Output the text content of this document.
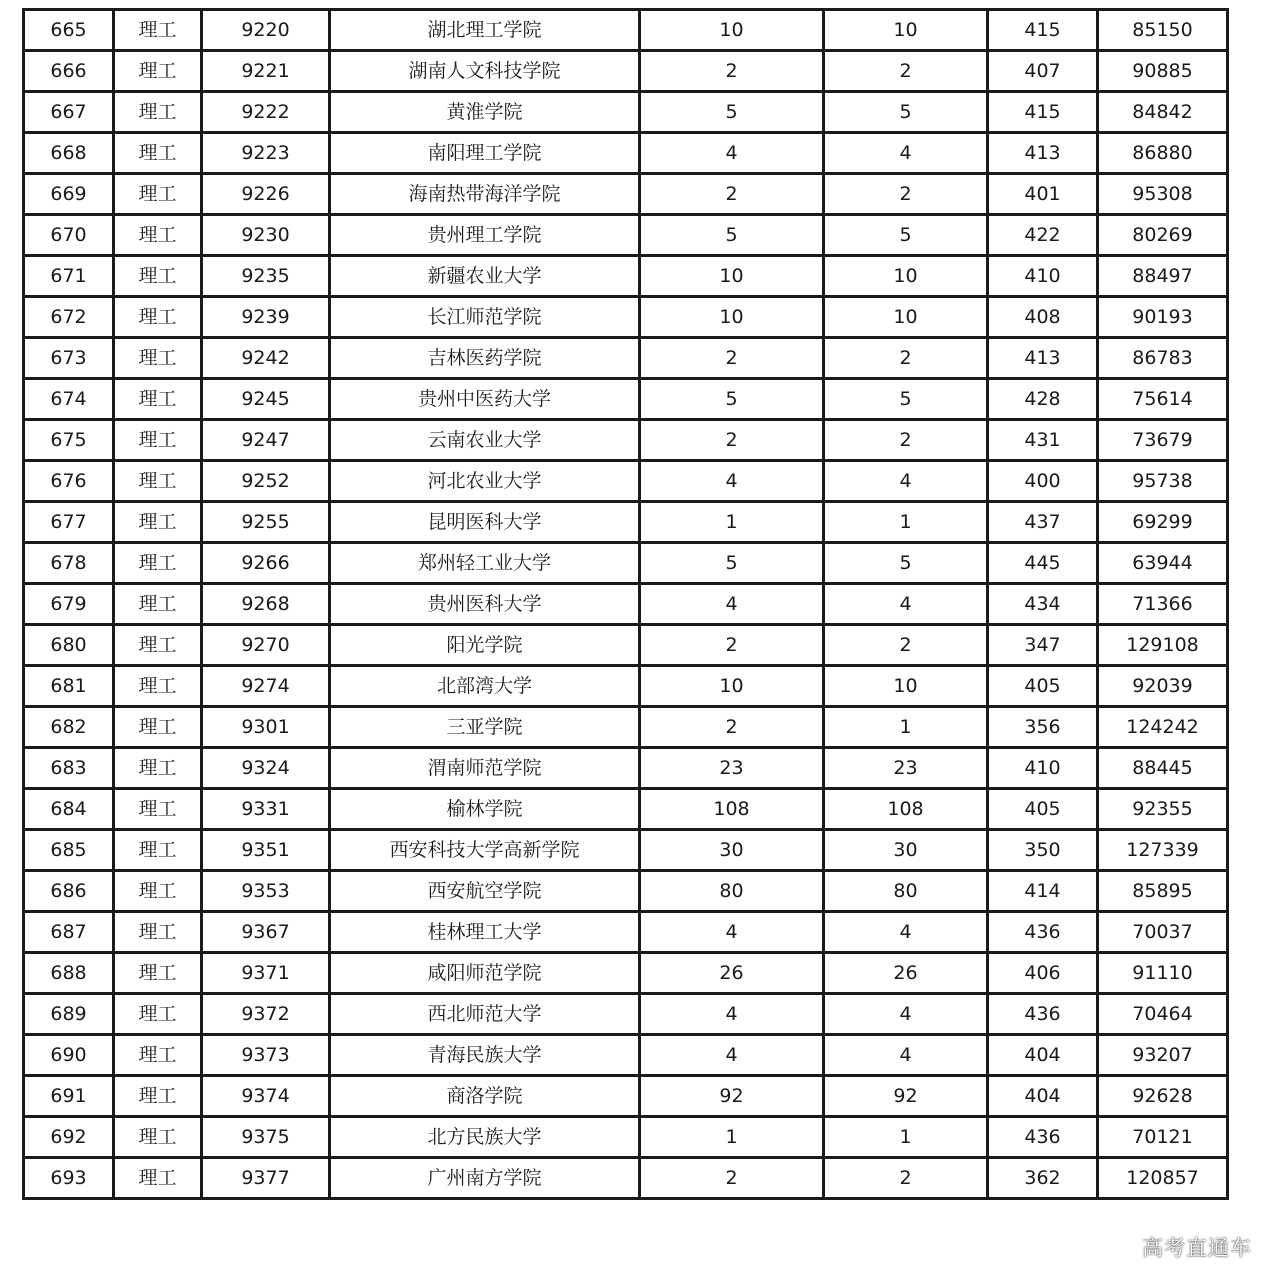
665	理工	9220	湖北理工学院	10	10	415	85150
666	理工	9221	湖南人文科技学院	2	2	407	90885
667	理工	9222	黄淮学院	5	5	415	84842
668	理工	9223	南阳理工学院	4	4	413	86880
669	理工	9226	海南热带海洋学院	2	2	401	95308
670	理工	9230	贵州理工学院	5	5	422	80269
671	理工	9235	新疆农业大学	10	10	410	88497
672	理工	9239	长江师范学院	10	10	408	90193
673	理工	9242	吉林医药学院	2	2	413	86783
674	理工	9245	贵州中医药大学	5	5	428	75614
675	理工	9247	云南农业大学	2	2	431	73679
676	理工	9252	河北农业大学	4	4	400	95738
677	理工	9255	昆明医科大学	1	1	437	69299
678	理工	9266	郑州轻工业大学	5	5	445	63944
679	理工	9268	贵州医科大学	4	4	434	71366
680	理工	9270	阳光学院	2	2	347	129108
681	理工	9274	北部湾大学	10	10	405	92039
682	理工	9301	三亚学院	2	1	356	124242
683	理工	9324	渭南师范学院	23	23	410	88445
684	理工	9331	榆林学院	108	108	405	92355
685	理工	9351	西安科技大学高新学院	30	30	350	127339
686	理工	9353	西安航空学院	80	80	414	85895
687	理工	9367	桂林理工大学	4	4	436	70037
688	理工	9371	咸阳师范学院	26	26	406	91110
689	理工	9372	西北师范大学	4	4	436	70464
690	理工	9373	青海民族大学	4	4	404	93207
691	理工	9374	商洛学院	92	92	404	92628
692	理工	9375	北方民族大学	1	1	436	70121
693	理工	9377	广州南方学院	2	2	362	120857
高考直通车
